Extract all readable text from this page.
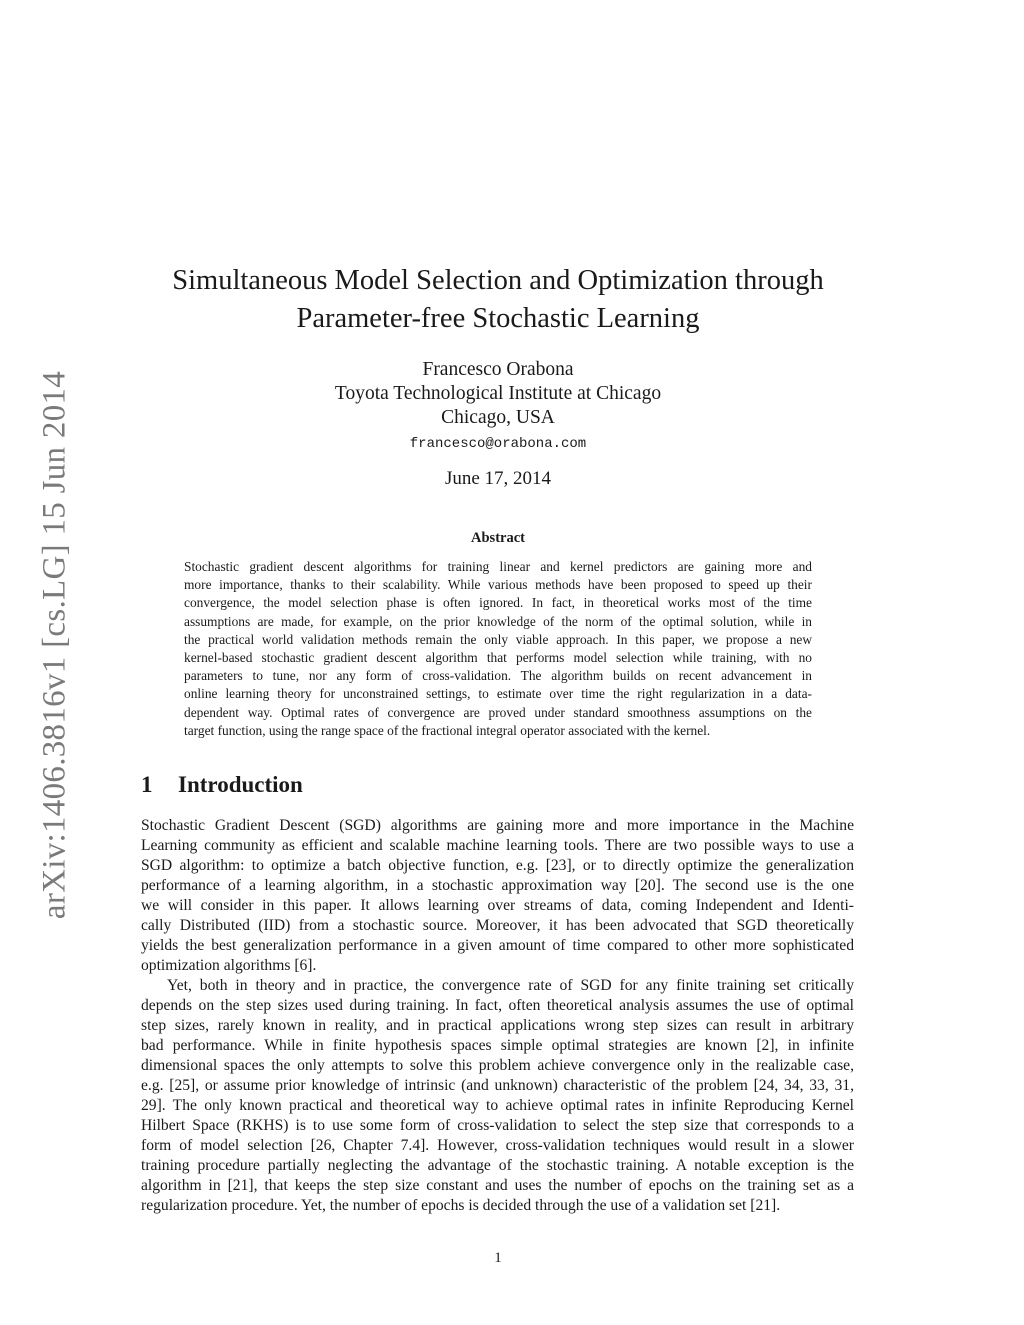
arXiv:1406.3816v1 [cs.LG] 15 Jun 2014
Simultaneous Model Selection and Optimization through
Parameter-free Stochastic Learning
Francesco Orabona
Toyota Technological Institute at Chicago
Chicago, USA
francesco@orabona.com
June 17, 2014
Abstract
Stochastic gradient descent algorithms for training linear and kernel predictors are gaining more and
more importance, thanks to their scalability. While various methods have been proposed to speed up their
convergence, the model selection phase is often ignored. In fact, in theoretical works most of the time
assumptions are made, for example, on the prior knowledge of the norm of the optimal solution, while in
the practical world validation methods remain the only viable approach. In this paper, we propose a new
kernel-based stochastic gradient descent algorithm that performs model selection while training, with no
parameters to tune, nor any form of cross-validation. The algorithm builds on recent advancement in
online learning theory for unconstrained settings, to estimate over time the right regularization in a data-
dependent way. Optimal rates of convergence are proved under standard smoothness assumptions on the
target function, using the range space of the fractional integral operator associated with the kernel.
1 Introduction
Stochastic Gradient Descent (SGD) algorithms are gaining more and more importance in the Machine
Learning community as efficient and scalable machine learning tools. There are two possible ways to use a
SGD algorithm: to optimize a batch objective function, e.g. [23], or to directly optimize the generalization
performance of a learning algorithm, in a stochastic approximation way [20]. The second use is the one
we will consider in this paper. It allows learning over streams of data, coming Independent and Identi-
cally Distributed (IID) from a stochastic source. Moreover, it has been advocated that SGD theoretically
yields the best generalization performance in a given amount of time compared to other more sophisticated
optimization algorithms [6].
Yet, both in theory and in practice, the convergence rate of SGD for any finite training set critically
depends on the step sizes used during training. In fact, often theoretical analysis assumes the use of optimal
step sizes, rarely known in reality, and in practical applications wrong step sizes can result in arbitrary
bad performance. While in finite hypothesis spaces simple optimal strategies are known [2], in infinite
dimensional spaces the only attempts to solve this problem achieve convergence only in the realizable case,
e.g. [25], or assume prior knowledge of intrinsic (and unknown) characteristic of the problem [24, 34, 33, 31,
29]. The only known practical and theoretical way to achieve optimal rates in infinite Reproducing Kernel
Hilbert Space (RKHS) is to use some form of cross-validation to select the step size that corresponds to a
form of model selection [26, Chapter 7.4]. However, cross-validation techniques would result in a slower
training procedure partially neglecting the advantage of the stochastic training. A notable exception is the
algorithm in [21], that keeps the step size constant and uses the number of epochs on the training set as a
regularization procedure. Yet, the number of epochs is decided through the use of a validation set [21].
1
